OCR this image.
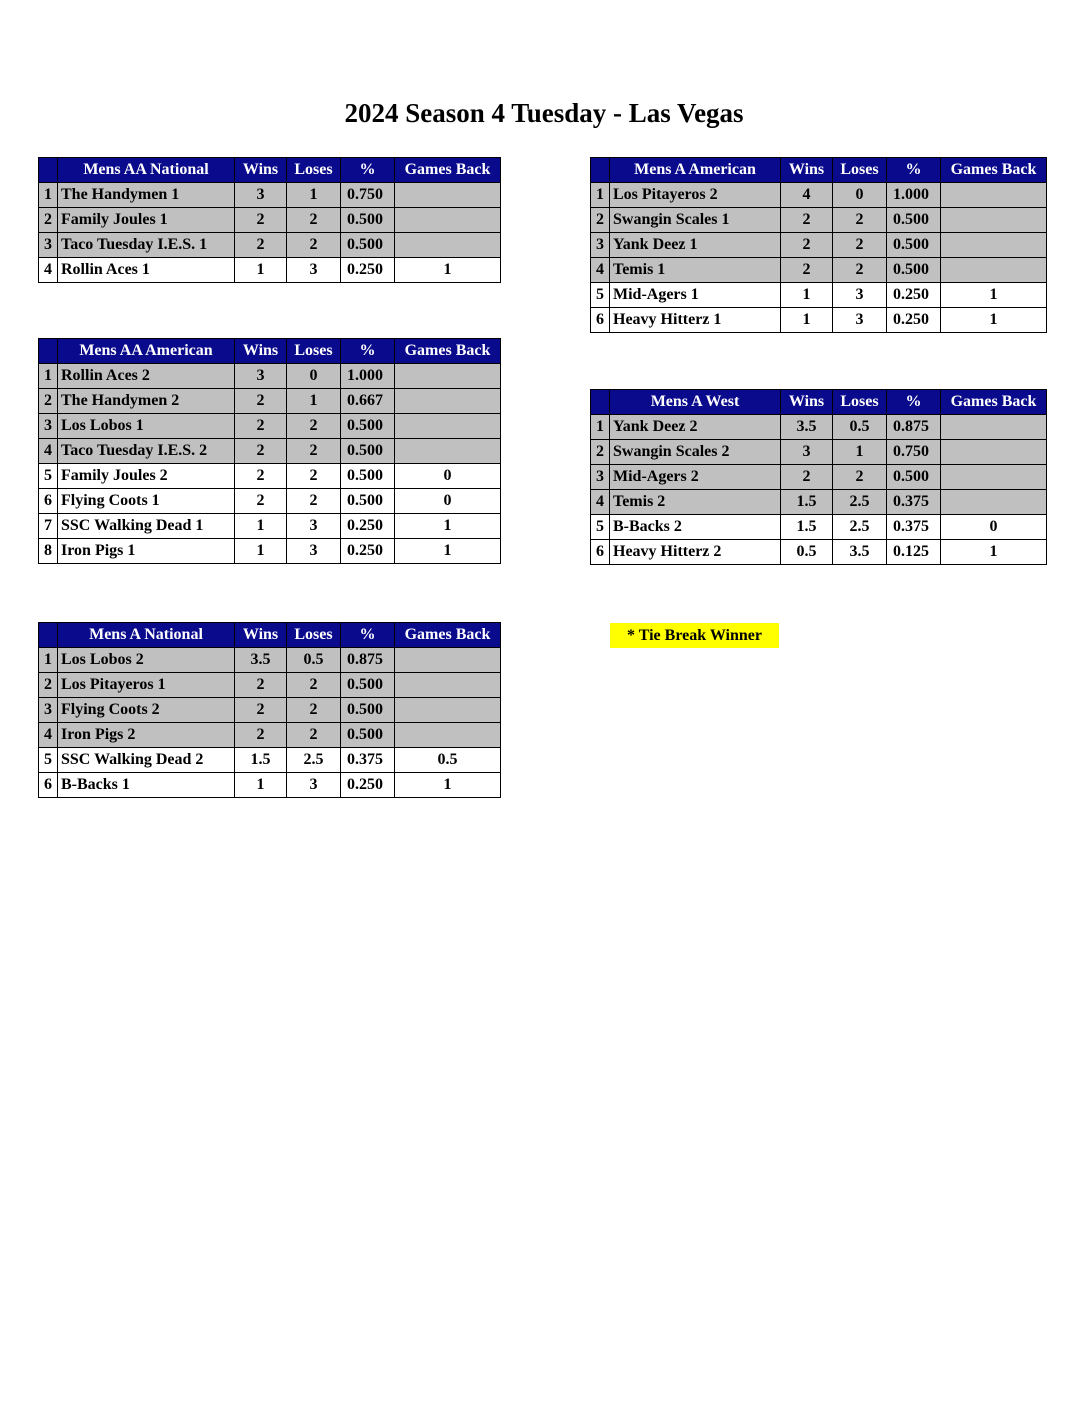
2024 Season 4 Tuesday - Las Vegas
	Mens AA National	Wins	Loses	%	Games Back
1	The Handymen 1	3	1	0.750	
2	Family Joules 1	2	2	0.500	
3	Taco Tuesday I.E.S. 1	2	2	0.500	
4	Rollin Aces 1	1	3	0.250	1
	Mens AA American	Wins	Loses	%	Games Back
1	Rollin Aces 2	3	0	1.000	
2	The Handymen 2	2	1	0.667	
3	Los Lobos 1	2	2	0.500	
4	Taco Tuesday I.E.S. 2	2	2	0.500	
5	Family Joules 2	2	2	0.500	0
6	Flying Coots 1	2	2	0.500	0
7	SSC Walking Dead 1	1	3	0.250	1
8	Iron Pigs 1	1	3	0.250	1
	Mens A National	Wins	Loses	%	Games Back
1	Los Lobos 2	3.5	0.5	0.875	
2	Los Pitayeros 1	2	2	0.500	
3	Flying Coots 2	2	2	0.500	
4	Iron Pigs 2	2	2	0.500	
5	SSC Walking Dead 2	1.5	2.5	0.375	0.5
6	B-Backs 1	1	3	0.250	1
	Mens A American	Wins	Loses	%	Games Back
1	Los Pitayeros 2	4	0	1.000	
2	Swangin Scales 1	2	2	0.500	
3	Yank Deez 1	2	2	0.500	
4	Temis 1	2	2	0.500	
5	Mid-Agers 1	1	3	0.250	1
6	Heavy Hitterz 1	1	3	0.250	1
	Mens A West	Wins	Loses	%	Games Back
1	Yank Deez 2	3.5	0.5	0.875	
2	Swangin Scales 2	3	1	0.750	
3	Mid-Agers 2	2	2	0.500	
4	Temis 2	1.5	2.5	0.375	
5	B-Backs 2	1.5	2.5	0.375	0
6	Heavy Hitterz 2	0.5	3.5	0.125	1
* Tie Break Winner
